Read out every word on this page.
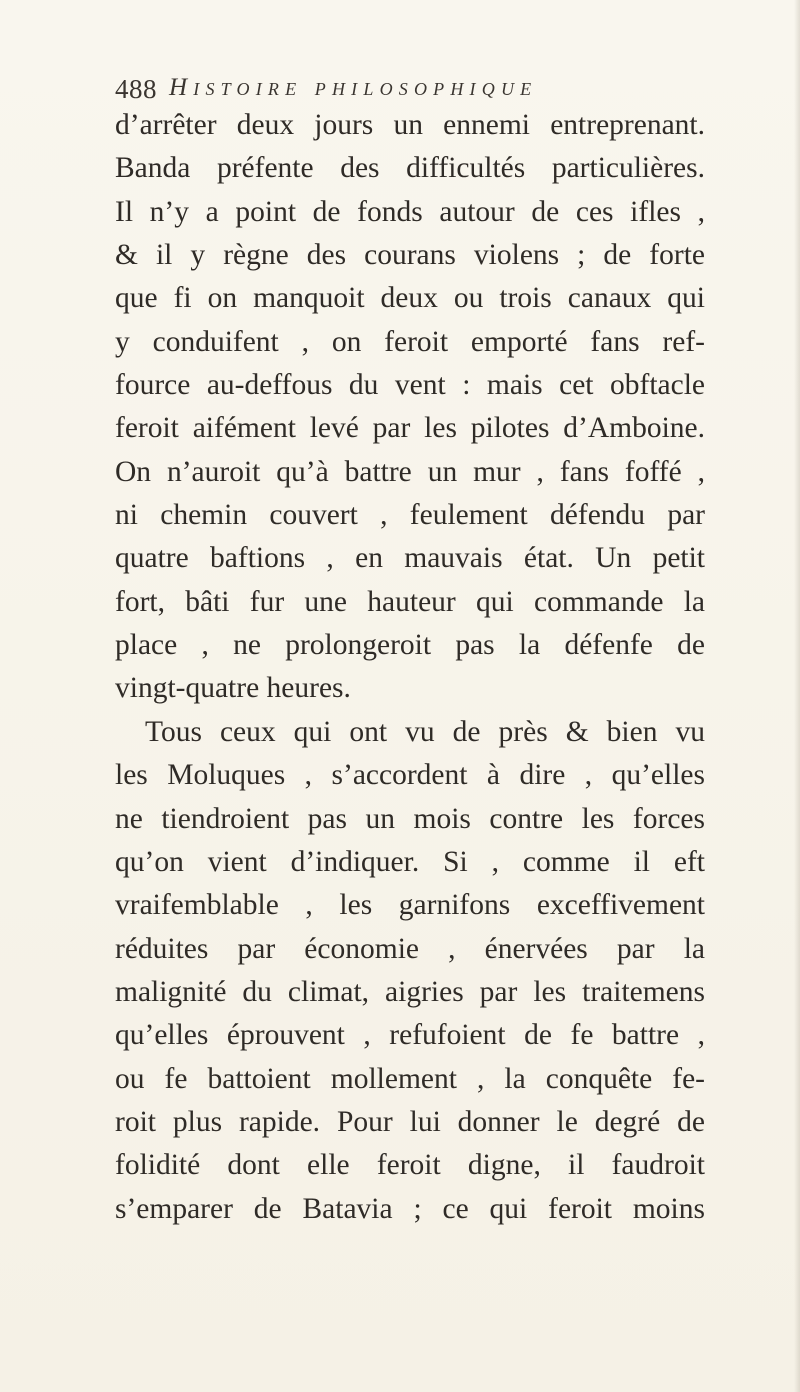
488 Histoire philosophique
d’arrêter deux jours un ennemi entreprenant.
Banda préfente des difficultés particulières.
Il n’y a point de fonds autour de ces ifles ,
& il y règne des courans violens ; de forte
que fi on manquoit deux ou trois canaux qui
y conduifent , on feroit emporté fans ref-
fource au-deffous du vent : mais cet obftacle
feroit aifément levé par les pilotes d’Amboine.
On n’auroit qu’à battre un mur , fans foffé ,
ni chemin couvert , feulement défendu par
quatre baftions , en mauvais état. Un petit
fort, bâti fur une hauteur qui commande la
place , ne prolongeroit pas la défenfe de
vingt-quatre heures.
Tous ceux qui ont vu de près & bien vu
les Moluques , s’accordent à dire , qu’elles
ne tiendroient pas un mois contre les forces
qu’on vient d’indiquer. Si , comme il eft
vraifemblable , les garnifons exceffivement
réduites par économie , énervées par la
malignité du climat, aigries par les traitemens
qu’elles éprouvent , refufoient de fe battre ,
ou fe battoient mollement , la conquête fe-
roit plus rapide. Pour lui donner le degré de
folidité dont elle feroit digne, il faudroit
s’emparer de Batavia ; ce qui feroit moins
